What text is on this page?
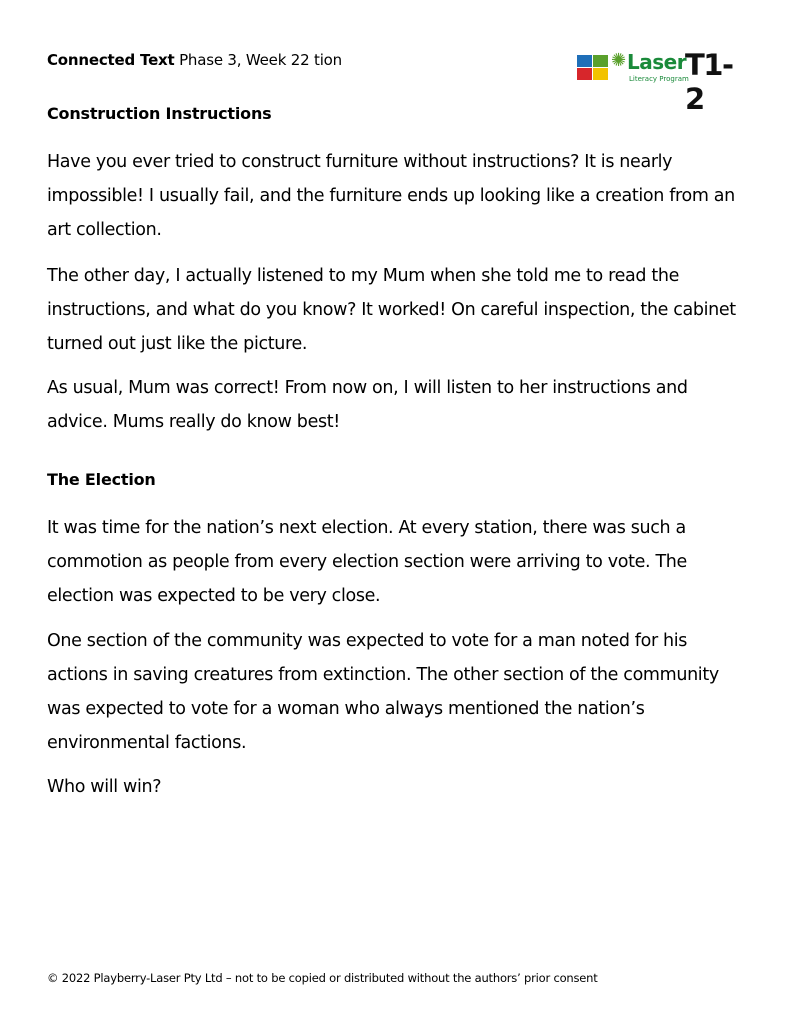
Connected Text Phase 3, Week 22 tion	✺ Laser
Literacy Program
T1-2
Construction Instructions

Have you ever tried to construct furniture without instructions? It is nearly impossible! I usually fail, and the furniture ends up looking like a creation from an art collection.

The other day, I actually listened to my Mum when she told me to read the instructions, and what do you know? It worked! On careful inspection, the cabinet turned out just like the picture.

As usual, Mum was correct! From now on, I will listen to her instructions and advice. Mums really do know best!

The Election

It was time for the nation’s next election. At every station, there was such a commotion as people from every election section were arriving to vote. The election was expected to be very close.

One section of the community was expected to vote for a man noted for his actions in saving creatures from extinction. The other section of the community was expected to vote for a woman who always mentioned the nation’s environmental factions.

Who will win?

© 2022 Playberry-Laser Pty Ltd – not to be copied or distributed without the authors’ prior consent
